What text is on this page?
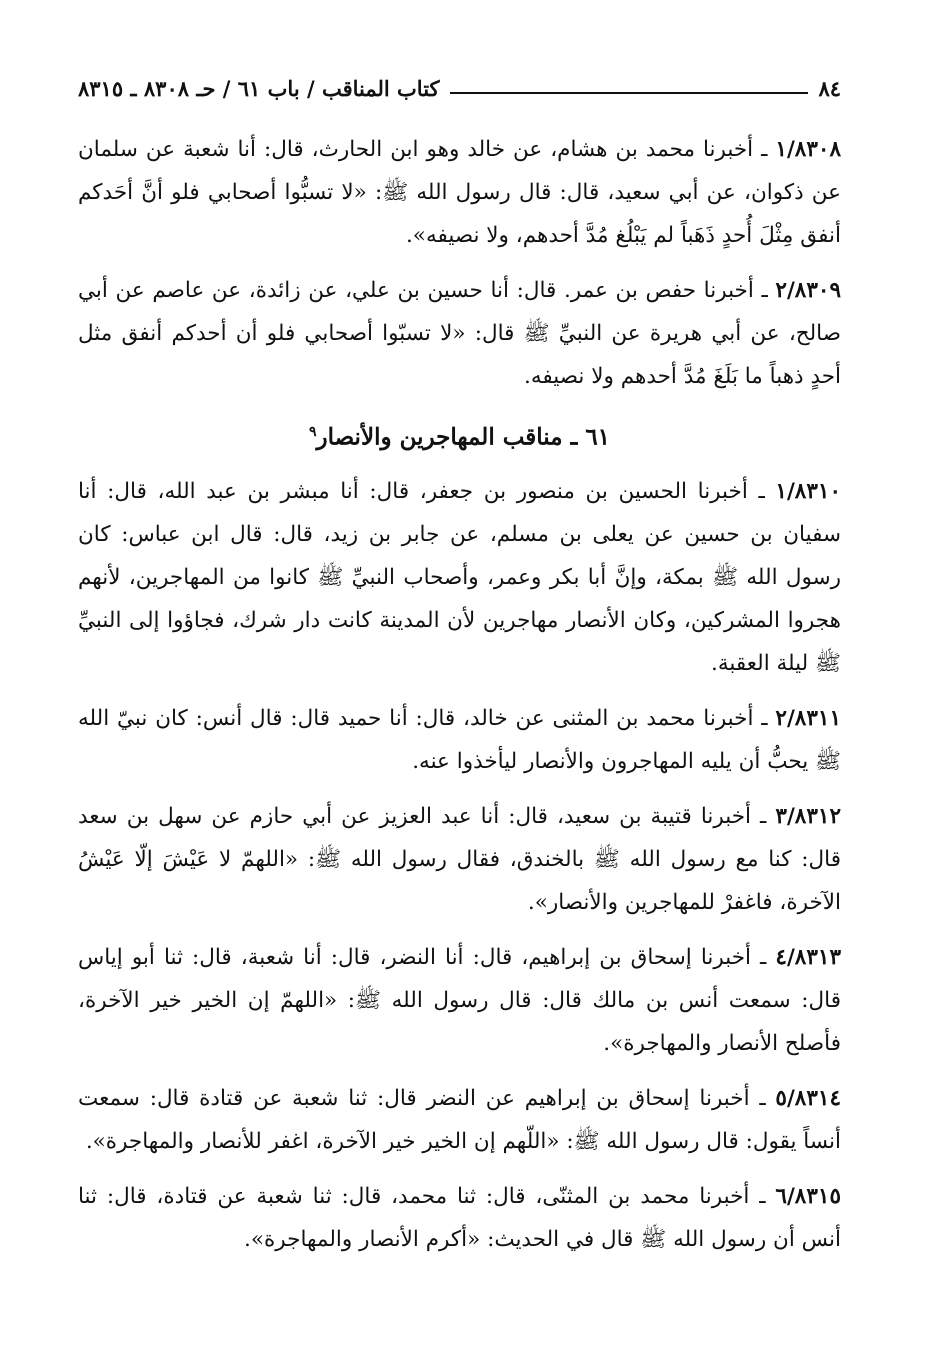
٨٤
كتاب المناقب / باب ٦١ / حـ ٨٣٠٨ ـ ٨٣١٥

١/٨٣٠٨ ـ أخبرنا محمد بن هشام، عن خالد وهو ابن الحارث، قال: أنا شعبة عن سلمان عن ذكوان، عن أبي سعيد، قال: قال رسول الله ﷺ: «لا تسبُّوا أصحابي فلو أنَّ أحَدكم أنفق مِثْلَ أُحدٍ ذَهَباً لم يَبْلُغ مُدَّ أحدهم، ولا نصيفه».

٢/٨٣٠٩ ـ أخبرنا حفص بن عمر. قال: أنا حسين بن علي، عن زائدة، عن عاصم عن أبي صالح، عن أبي هريرة عن النبيِّ ﷺ قال: «لا تسبّوا أصحابي فلو أن أحدكم أنفق مثل أحدٍ ذهباً ما بَلَغَ مُدَّ أحدهم ولا نصيفه.

٦١ ـ مناقب المهاجرين والأنصار$^٩$

١/٨٣١٠ ـ أخبرنا الحسين بن منصور بن جعفر، قال: أنا مبشر بن عبد الله، قال: أنا سفيان بن حسين عن يعلى بن مسلم، عن جابر بن زيد، قال: قال ابن عباس: كان رسول الله ﷺ بمكة، وإنَّ أبا بكر وعمر، وأصحاب النبيِّ ﷺ كانوا من المهاجرين، لأنهم هجروا المشركين، وكان الأنصار مهاجرين لأن المدينة كانت دار شرك، فجاؤوا إلى النبيِّ ﷺ ليلة العقبة.

٢/٨٣١١ ـ أخبرنا محمد بن المثنى عن خالد، قال: أنا حميد قال: قال أنس: كان نبيّ الله ﷺ يحبُّ أن يليه المهاجرون والأنصار ليأخذوا عنه.

٣/٨٣١٢ ـ أخبرنا قتيبة بن سعيد، قال: أنا عبد العزيز عن أبي حازم عن سهل بن سعد قال: كنا مع رسول الله ﷺ بالخندق، فقال رسول الله ﷺ: «اللهمّ لا عَيْشَ إلّا عَيْشُ الآخرة، فاغفرْ للمهاجرين والأنصار».

٤/٨٣١٣ ـ أخبرنا إسحاق بن إبراهيم، قال: أنا النضر، قال: أنا شعبة، قال: ثنا أبو إياس قال: سمعت أنس بن مالك قال: قال رسول الله ﷺ: «اللهمّ إن الخير خير الآخرة، فأصلح الأنصار والمهاجرة».

٥/٨٣١٤ ـ أخبرنا إسحاق بن إبراهيم عن النضر قال: ثنا شعبة عن قتادة قال: سمعت أنساً يقول: قال رسول الله ﷺ: «اللّهم إن الخير خير الآخرة، اغفر للأنصار والمهاجرة».

٦/٨٣١٥ ـ أخبرنا محمد بن المثنّى، قال: ثنا محمد، قال: ثنا شعبة عن قتادة، قال: ثنا أنس أن رسول الله ﷺ قال في الحديث: «أكرم الأنصار والمهاجرة».
